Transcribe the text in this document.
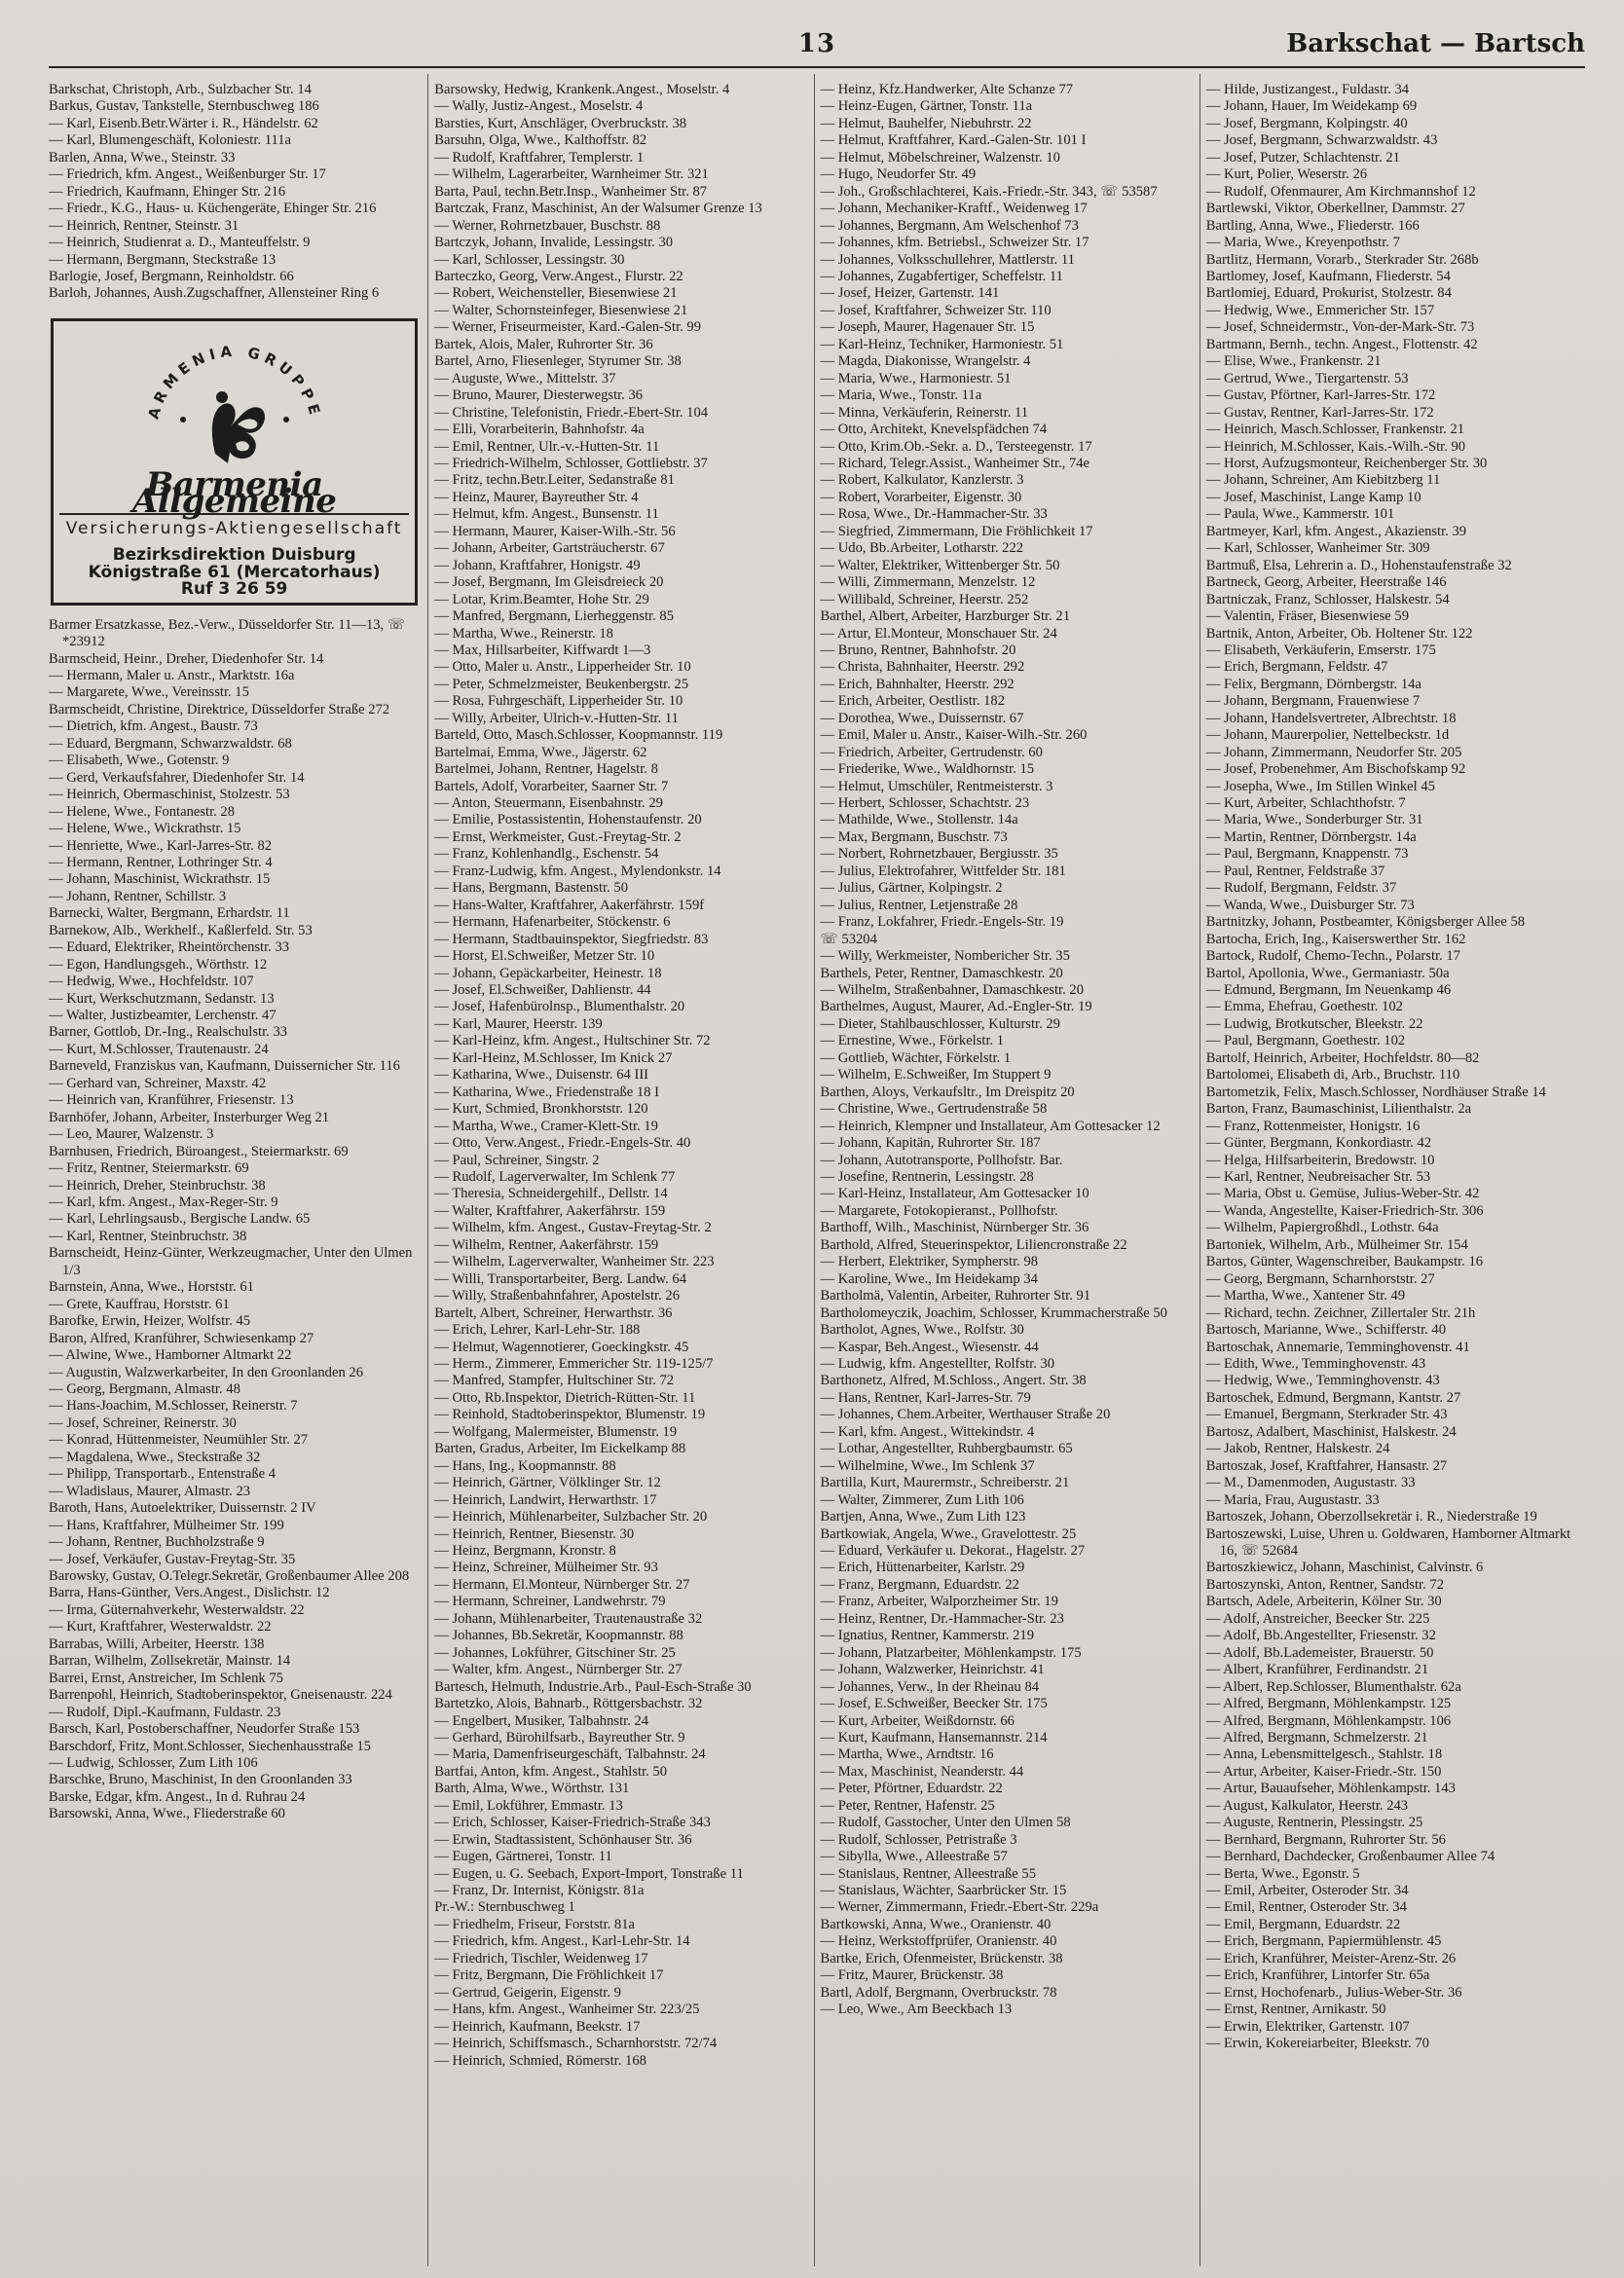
13	Barkschat — Bartsch
Barkschat, Christoph, Arb., Sulzbacher Str. 14
Barkus, Gustav, Tankstelle, Sternbuschweg 186
— Karl, Eisenb.Betr.Wärter i. R., Händelstr. 62
— Karl, Blumengeschäft, Koloniestr. 111a
Barlen, Anna, Wwe., Steinstr. 33
— Friedrich, kfm. Angest., Weißenburger Str. 17
— Friedrich, Kaufmann, Ehinger Str. 216
— Friedr., K.G., Haus- u. Küchengeräte, Ehinger Str. 216
— Heinrich, Rentner, Steinstr. 31
— Heinrich, Studienrat a. D., Manteuffelstr. 9
— Hermann, Bergmann, Steckstraße 13
Barlogie, Josef, Bergmann, Reinholdstr. 66
Barloh, Johannes, Aush.Zugschaffner, Allensteiner Ring 6
ARMENIA GRUPPE
Barmenia Allgemeine
Versicherungs-Aktiengesellschaft
Bezirksdirektion Duisburg
Königstraße 61 (Mercatorhaus)
Ruf 3 26 59
Barmer Ersatzkasse, Bez.-Verw., Düsseldorfer Str. 11—13, ☏ *23912
Barmscheid, Heinr., Dreher, Diedenhofer Str. 14
— Hermann, Maler u. Anstr., Marktstr. 16a
— Margarete, Wwe., Vereinsstr. 15
Barmscheidt, Christine, Direktrice, Düsseldorfer Straße 272
— Dietrich, kfm. Angest., Baustr. 73
— Eduard, Bergmann, Schwarzwaldstr. 68
— Elisabeth, Wwe., Gotenstr. 9
— Gerd, Verkaufsfahrer, Diedenhofer Str. 14
— Heinrich, Obermaschinist, Stolzestr. 53
— Helene, Wwe., Fontanestr. 28
— Helene, Wwe., Wickrathstr. 15
— Henriette, Wwe., Karl-Jarres-Str. 82
— Hermann, Rentner, Lothringer Str. 4
— Johann, Maschinist, Wickrathstr. 15
— Johann, Rentner, Schillstr. 3
Barnecki, Walter, Bergmann, Erhardstr. 11
Barnekow, Alb., Werkhelf., Kaßlerfeld. Str. 53
— Eduard, Elektriker, Rheintörchenstr. 33
— Egon, Handlungsgeh., Wörthstr. 12
— Hedwig, Wwe., Hochfeldstr. 107
— Kurt, Werkschutzmann, Sedanstr. 13
— Walter, Justizbeamter, Lerchenstr. 47
Barner, Gottlob, Dr.-Ing., Realschulstr. 33
— Kurt, M.Schlosser, Trautenaustr. 24
Barneveld, Franziskus van, Kaufmann, Duissernicher Str. 116
— Gerhard van, Schreiner, Maxstr. 42
— Heinrich van, Kranführer, Friesenstr. 13
Barnhöfer, Johann, Arbeiter, Insterburger Weg 21
— Leo, Maurer, Walzenstr. 3
Barnhusen, Friedrich, Büroangest., Steiermarkstr. 69
— Fritz, Rentner, Steiermarkstr. 69
— Heinrich, Dreher, Steinbruchstr. 38
— Karl, kfm. Angest., Max-Reger-Str. 9
— Karl, Lehrlingsausb., Bergische Landw. 65
— Karl, Rentner, Steinbruchstr. 38
Barnscheidt, Heinz-Günter, Werkzeugmacher, Unter den Ulmen 1/3
Barnstein, Anna, Wwe., Horststr. 61
— Grete, Kauffrau, Horststr. 61
Barofke, Erwin, Heizer, Wolfstr. 45
Baron, Alfred, Kranführer, Schwiesenkamp 27
— Alwine, Wwe., Hamborner Altmarkt 22
— Augustin, Walzwerkarbeiter, In den Groonlanden 26
— Georg, Bergmann, Almastr. 48
— Hans-Joachim, M.Schlosser, Reinerstr. 7
— Josef, Schreiner, Reinerstr. 30
— Konrad, Hüttenmeister, Neumühler Str. 27
— Magdalena, Wwe., Steckstraße 32
— Philipp, Transportarb., Entenstraße 4
— Wladislaus, Maurer, Almastr. 23
Baroth, Hans, Autoelektriker, Duissernstr. 2 IV
— Hans, Kraftfahrer, Mülheimer Str. 199
— Johann, Rentner, Buchholzstraße 9
— Josef, Verkäufer, Gustav-Freytag-Str. 35
Barowsky, Gustav, O.Telegr.Sekretär, Großenbaumer Allee 208
Barra, Hans-Günther, Vers.Angest., Dislichstr. 12
— Irma, Güternahverkehr, Westerwaldstr. 22
— Kurt, Kraftfahrer, Westerwaldstr. 22
Barrabas, Willi, Arbeiter, Heerstr. 138
Barran, Wilhelm, Zollsekretär, Mainstr. 14
Barrei, Ernst, Anstreicher, Im Schlenk 75
Barrenpohl, Heinrich, Stadtoberinspektor, Gneisenaustr. 224
— Rudolf, Dipl.-Kaufmann, Fuldastr. 23
Barsch, Karl, Postoberschaffner, Neudorfer Straße 153
Barschdorf, Fritz, Mont.Schlosser, Siechenhausstraße 15
— Ludwig, Schlosser, Zum Lith 106
Barschke, Bruno, Maschinist, In den Groonlanden 33
Barske, Edgar, kfm. Angest., In d. Ruhrau 24
Barsowski, Anna, Wwe., Fliederstraße 60
Barsowsky, Hedwig, Krankenk.Angest., Moselstr. 4
— Wally, Justiz-Angest., Moselstr. 4
Barsties, Kurt, Anschläger, Overbruckstr. 38
Barsuhn, Olga, Wwe., Kalthoffstr. 82
— Rudolf, Kraftfahrer, Templerstr. 1
— Wilhelm, Lagerarbeiter, Warnheimer Str. 321
Barta, Paul, techn.Betr.Insp., Wanheimer Str. 87
Bartczak, Franz, Maschinist, An der Walsumer Grenze 13
— Werner, Rohrnetzbauer, Buschstr. 88
Bartczyk, Johann, Invalide, Lessingstr. 30
— Karl, Schlosser, Lessingstr. 30
Barteczko, Georg, Verw.Angest., Flurstr. 22
— Robert, Weichensteller, Biesenwiese 21
— Walter, Schornsteinfeger, Biesenwiese 21
— Werner, Friseurmeister, Kard.-Galen-Str. 99
Bartek, Alois, Maler, Ruhrorter Str. 36
Bartel, Arno, Fliesenleger, Styrumer Str. 38
— Auguste, Wwe., Mittelstr. 37
— Bruno, Maurer, Diesterwegstr. 36
— Christine, Telefonistin, Friedr.-Ebert-Str. 104
— Elli, Vorarbeiterin, Bahnhofstr. 4a
— Emil, Rentner, Ulr.-v.-Hutten-Str. 11
— Friedrich-Wilhelm, Schlosser, Gottliebstr. 37
— Fritz, techn.Betr.Leiter, Sedanstraße 81
— Heinz, Maurer, Bayreuther Str. 4
— Helmut, kfm. Angest., Bunsenstr. 11
— Hermann, Maurer, Kaiser-Wilh.-Str. 56
— Johann, Arbeiter, Gartsträucherstr. 67
— Johann, Kraftfahrer, Honigstr. 49
— Josef, Bergmann, Im Gleisdreieck 20
— Lotar, Krim.Beamter, Hohe Str. 29
— Manfred, Bergmann, Lierheggenstr. 85
— Martha, Wwe., Reinerstr. 18
— Max, Hillsarbeiter, Kiffwardt 1—3
— Otto, Maler u. Anstr., Lipperheider Str. 10
— Peter, Schmelzmeister, Beukenbergstr. 25
— Rosa, Fuhrgeschäft, Lipperheider Str. 10
— Willy, Arbeiter, Ulrich-v.-Hutten-Str. 11
Barteld, Otto, Masch.Schlosser, Koopmannstr. 119
Bartelmai, Emma, Wwe., Jägerstr. 62
Bartelmei, Johann, Rentner, Hagelstr. 8
Bartels, Adolf, Vorarbeiter, Saarner Str. 7
— Anton, Steuermann, Eisenbahnstr. 29
— Emilie, Postassistentin, Hohenstaufenstr. 20
— Ernst, Werkmeister, Gust.-Freytag-Str. 2
— Franz, Kohlenhandlg., Eschenstr. 54
— Franz-Ludwig, kfm. Angest., Mylendonkstr. 14
— Hans, Bergmann, Bastenstr. 50
— Hans-Walter, Kraftfahrer, Aakerfährstr. 159f
— Hermann, Hafenarbeiter, Stöckenstr. 6
— Hermann, Stadtbauinspektor, Siegfriedstr. 83
— Horst, El.Schweißer, Metzer Str. 10
— Johann, Gepäckarbeiter, Heinestr. 18
— Josef, El.Schweißer, Dahlienstr. 44
— Josef, Hafenbürolnsp., Blumenthalstr. 20
— Karl, Maurer, Heerstr. 139
— Karl-Heinz, kfm. Angest., Hultschiner Str. 72
— Karl-Heinz, M.Schlosser, Im Knick 27
— Katharina, Wwe., Duisenstr. 64 III
— Katharina, Wwe., Friedenstraße 18 I
— Kurt, Schmied, Bronkhorststr. 120
— Martha, Wwe., Cramer-Klett-Str. 19
— Otto, Verw.Angest., Friedr.-Engels-Str. 40
— Paul, Schreiner, Singstr. 2
— Rudolf, Lagerverwalter, Im Schlenk 77
— Theresia, Schneidergehilf., Dellstr. 14
— Walter, Kraftfahrer, Aakerfährstr. 159
— Wilhelm, kfm. Angest., Gustav-Freytag-Str. 2
— Wilhelm, Rentner, Aakerfährstr. 159
— Wilhelm, Lagerverwalter, Wanheimer Str. 223
— Willi, Transportarbeiter, Berg. Landw. 64
— Willy, Straßenbahnfahrer, Apostelstr. 26
Bartelt, Albert, Schreiner, Herwarthstr. 36
— Erich, Lehrer, Karl-Lehr-Str. 188
— Helmut, Wagennotierer, Goeckingkstr. 45
— Herm., Zimmerer, Emmericher Str. 119-125/7
— Manfred, Stampfer, Hultschiner Str. 72
— Otto, Rb.Inspektor, Dietrich-Rütten-Str. 11
— Reinhold, Stadtoberinspektor, Blumenstr. 19
— Wolfgang, Malermeister, Blumenstr. 19
Barten, Gradus, Arbeiter, Im Eickelkamp 88
— Hans, Ing., Koopmannstr. 88
— Heinrich, Gärtner, Völklinger Str. 12
— Heinrich, Landwirt, Herwarthstr. 17
— Heinrich, Mühlenarbeiter, Sulzbacher Str. 20
— Heinrich, Rentner, Biesenstr. 30
— Heinz, Bergmann, Kronstr. 8
— Heinz, Schreiner, Mülheimer Str. 93
— Hermann, El.Monteur, Nürnberger Str. 27
— Hermann, Schreiner, Landwehrstr. 79
— Johann, Mühlenarbeiter, Trautenaustraße 32
— Johannes, Bb.Sekretär, Koopmannstr. 88
— Johannes, Lokführer, Gitschiner Str. 25
— Walter, kfm. Angest., Nürnberger Str. 27
Bartesch, Helmuth, Industrie.Arb., Paul-Esch-Straße 30
Bartetzko, Alois, Bahnarb., Röttgersbachstr. 32
— Engelbert, Musiker, Talbahnstr. 24
— Gerhard, Bürohilfsarb., Bayreuther Str. 9
— Maria, Damenfriseurgeschäft, Talbahnstr. 24
Bartfai, Anton, kfm. Angest., Stahlstr. 50
Barth, Alma, Wwe., Wörthstr. 131
— Emil, Lokführer, Emmastr. 13
— Erich, Schlosser, Kaiser-Friedrich-Straße 343
— Erwin, Stadtassistent, Schönhauser Str. 36
— Eugen, Gärtnerei, Tonstr. 11
— Eugen, u. G. Seebach, Export-Import, Tonstraße 11
— Franz, Dr. Internist, Königstr. 81a
Pr.-W.: Sternbuschweg 1
— Friedhelm, Friseur, Forststr. 81a
— Friedrich, kfm. Angest., Karl-Lehr-Str. 14
— Friedrich, Tischler, Weidenweg 17
— Fritz, Bergmann, Die Fröhlichkeit 17
— Gertrud, Geigerin, Eigenstr. 9
— Hans, kfm. Angest., Wanheimer Str. 223/25
— Heinrich, Kaufmann, Beekstr. 17
— Heinrich, Schiffsmasch., Scharnhorststr. 72/74
— Heinrich, Schmied, Römerstr. 168
— Heinz, Kfz.Handwerker, Alte Schanze 77
— Heinz-Eugen, Gärtner, Tonstr. 11a
— Helmut, Bauhelfer, Niebuhrstr. 22
— Helmut, Kraftfahrer, Kard.-Galen-Str. 101 I
— Helmut, Möbelschreiner, Walzenstr. 10
— Hugo, Neudorfer Str. 49
— Joh., Großschlachterei, Kais.-Friedr.-Str. 343, ☏ 53587
— Johann, Mechaniker-Kraftf., Weidenweg 17
— Johannes, Bergmann, Am Welschenhof 73
— Johannes, kfm. Betriebsl., Schweizer Str. 17
— Johannes, Volksschullehrer, Mattlerstr. 11
— Johannes, Zugabfertiger, Scheffelstr. 11
— Josef, Heizer, Gartenstr. 141
— Josef, Kraftfahrer, Schweizer Str. 110
— Joseph, Maurer, Hagenauer Str. 15
— Karl-Heinz, Techniker, Harmoniestr. 51
— Magda, Diakonisse, Wrangelstr. 4
— Maria, Wwe., Harmoniestr. 51
— Maria, Wwe., Tonstr. 11a
— Minna, Verkäuferin, Reinerstr. 11
— Otto, Architekt, Knevelspfädchen 74
— Otto, Krim.Ob.-Sekr. a. D., Tersteegenstr. 17
— Richard, Telegr.Assist., Wanheimer Str., 74e
— Robert, Kalkulator, Kanzlerstr. 3
— Robert, Vorarbeiter, Eigenstr. 30
— Rosa, Wwe., Dr.-Hammacher-Str. 33
— Siegfried, Zimmermann, Die Fröhlichkeit 17
— Udo, Bb.Arbeiter, Lotharstr. 222
— Walter, Elektriker, Wittenberger Str. 50
— Willi, Zimmermann, Menzelstr. 12
— Willibald, Schreiner, Heerstr. 252
Barthel, Albert, Arbeiter, Harzburger Str. 21
— Artur, El.Monteur, Monschauer Str. 24
— Bruno, Rentner, Bahnhofstr. 20
— Christa, Bahnhaiter, Heerstr. 292
— Erich, Bahnhalter, Heerstr. 292
— Erich, Arbeiter, Oestlistr. 182
— Dorothea, Wwe., Duissernstr. 67
— Emil, Maler u. Anstr., Kaiser-Wilh.-Str. 260
— Friedrich, Arbeiter, Gertrudenstr. 60
— Friederike, Wwe., Waldhornstr. 15
— Helmut, Umschüler, Rentmeisterstr. 3
— Herbert, Schlosser, Schachtstr. 23
— Mathilde, Wwe., Stollenstr. 14a
— Max, Bergmann, Buschstr. 73
— Norbert, Rohrnetzbauer, Bergiusstr. 35
— Julius, Elektrofahrer, Wittfelder Str. 181
— Julius, Gärtner, Kolpingstr. 2
— Julius, Rentner, Letjenstraße 28
— Franz, Lokfahrer, Friedr.-Engels-Str. 19
☏ 53204
— Willy, Werkmeister, Nombericher Str. 35
Barthels, Peter, Rentner, Damaschkestr. 20
— Wilhelm, Straßenbahner, Damaschkestr. 20
Barthelmes, August, Maurer, Ad.-Engler-Str. 19
— Dieter, Stahlbauschlosser, Kulturstr. 29
— Ernestine, Wwe., Förkelstr. 1
— Gottlieb, Wächter, Förkelstr. 1
— Wilhelm, E.Schweißer, Im Stuppert 9
Barthen, Aloys, Verkaufsltr., Im Dreispitz 20
— Christine, Wwe., Gertrudenstraße 58
— Heinrich, Klempner und Installateur, Am Gottesacker 12
— Johann, Kapitän, Ruhrorter Str. 187
— Johann, Autotransporte, Pollhofstr. Bar.
— Josefine, Rentnerin, Lessingstr. 28
— Karl-Heinz, Installateur, Am Gottesacker 10
— Margarete, Fotokopieranst., Pollhofstr.
Barthoff, Wilh., Maschinist, Nürnberger Str. 36
Barthold, Alfred, Steuerinspektor, Liliencronstraße 22
— Herbert, Elektriker, Sympherstr. 98
— Karoline, Wwe., Im Heidekamp 34
Bartholmä, Valentin, Arbeiter, Ruhrorter Str. 91
Bartholomeyczik, Joachim, Schlosser, Krummacherstraße 50
Bartholot, Agnes, Wwe., Rolfstr. 30
— Kaspar, Beh.Angest., Wiesenstr. 44
— Ludwig, kfm. Angestellter, Rolfstr. 30
Barthonetz, Alfred, M.Schloss., Angert. Str. 38
— Hans, Rentner, Karl-Jarres-Str. 79
— Johannes, Chem.Arbeiter, Werthauser Straße 20
— Karl, kfm. Angest., Wittekindstr. 4
— Lothar, Angestellter, Ruhbergbaumstr. 65
— Wilhelmine, Wwe., Im Schlenk 37
Bartilla, Kurt, Maurermstr., Schreiberstr. 21
— Walter, Zimmerer, Zum Lith 106
Bartjen, Anna, Wwe., Zum Lith 123
Bartkowiak, Angela, Wwe., Gravelottestr. 25
— Eduard, Verkäufer u. Dekorat., Hagelstr. 27
— Erich, Hüttenarbeiter, Karlstr. 29
— Franz, Bergmann, Eduardstr. 22
— Franz, Arbeiter, Walporzheimer Str. 19
— Heinz, Rentner, Dr.-Hammacher-Str. 23
— Ignatius, Rentner, Kammerstr. 219
— Johann, Platzarbeiter, Möhlenkampstr. 175
— Johann, Walzwerker, Heinrichstr. 41
— Johannes, Verw., In der Rheinau 84
— Josef, E.Schweißer, Beecker Str. 175
— Kurt, Arbeiter, Weißdornstr. 66
— Kurt, Kaufmann, Hansemannstr. 214
— Martha, Wwe., Arndtstr. 16
— Max, Maschinist, Neanderstr. 44
— Peter, Pförtner, Eduardstr. 22
— Peter, Rentner, Hafenstr. 25
— Rudolf, Gasstocher, Unter den Ulmen 58
— Rudolf, Schlosser, Petristraße 3
— Sibylla, Wwe., Alleestraße 57
— Stanislaus, Rentner, Alleestraße 55
— Stanislaus, Wächter, Saarbrücker Str. 15
— Werner, Zimmermann, Friedr.-Ebert-Str. 229a
Bartkowski, Anna, Wwe., Oranienstr. 40
— Heinz, Werkstoffprüfer, Oranienstr. 40
Bartke, Erich, Ofenmeister, Brückenstr. 38
— Fritz, Maurer, Brückenstr. 38
Bartl, Adolf, Bergmann, Overbruckstr. 78
— Leo, Wwe., Am Beeckbach 13
— Hilde, Justizangest., Fuldastr. 34
— Johann, Hauer, Im Weidekamp 69
— Josef, Bergmann, Kolpingstr. 40
— Josef, Bergmann, Schwarzwaldstr. 43
— Josef, Putzer, Schlachtenstr. 21
— Kurt, Polier, Weserstr. 26
— Rudolf, Ofenmaurer, Am Kirchmannshof 12
Bartlewski, Viktor, Oberkellner, Dammstr. 27
Bartling, Anna, Wwe., Fliederstr. 166
— Maria, Wwe., Kreyenpothstr. 7
Bartlitz, Hermann, Vorarb., Sterkrader Str. 268b
Bartlomey, Josef, Kaufmann, Fliederstr. 54
Bartlomiej, Eduard, Prokurist, Stolzestr. 84
— Hedwig, Wwe., Emmericher Str. 157
— Josef, Schneidermstr., Von-der-Mark-Str. 73
Bartmann, Bernh., techn. Angest., Flottenstr. 42
— Elise, Wwe., Frankenstr. 21
— Gertrud, Wwe., Tiergartenstr. 53
— Gustav, Pförtner, Karl-Jarres-Str. 172
— Gustav, Rentner, Karl-Jarres-Str. 172
— Heinrich, Masch.Schlosser, Frankenstr. 21
— Heinrich, M.Schlosser, Kais.-Wilh.-Str. 90
— Horst, Aufzugsmonteur, Reichenberger Str. 30
— Johann, Schreiner, Am Kiebitzberg 11
— Josef, Maschinist, Lange Kamp 10
— Paula, Wwe., Kammerstr. 101
Bartmeyer, Karl, kfm. Angest., Akazienstr. 39
— Karl, Schlosser, Wanheimer Str. 309
Bartmuß, Elsa, Lehrerin a. D., Hohenstaufenstraße 32
Bartneck, Georg, Arbeiter, Heerstraße 146
Bartniczak, Franz, Schlosser, Halskestr. 54
— Valentin, Fräser, Biesenwiese 59
Bartnik, Anton, Arbeiter, Ob. Holtener Str. 122
— Elisabeth, Verkäuferin, Emserstr. 175
— Erich, Bergmann, Feldstr. 47
— Felix, Bergmann, Dörnbergstr. 14a
— Johann, Bergmann, Frauenwiese 7
— Johann, Handelsvertreter, Albrechtstr. 18
— Johann, Maurerpolier, Nettelbeckstr. 1d
— Johann, Zimmermann, Neudorfer Str. 205
— Josef, Probenehmer, Am Bischofskamp 92
— Josepha, Wwe., Im Stillen Winkel 45
— Kurt, Arbeiter, Schlachthofstr. 7
— Maria, Wwe., Sonderburger Str. 31
— Martin, Rentner, Dörnbergstr. 14a
— Paul, Bergmann, Knappenstr. 73
— Paul, Rentner, Feldstraße 37
— Rudolf, Bergmann, Feldstr. 37
— Wanda, Wwe., Duisburger Str. 73
Bartnitzky, Johann, Postbeamter, Königsberger Allee 58
Bartocha, Erich, Ing., Kaiserswerther Str. 162
Bartock, Rudolf, Chemo-Techn., Polarstr. 17
Bartol, Apollonia, Wwe., Germaniastr. 50a
— Edmund, Bergmann, Im Neuenkamp 46
— Emma, Ehefrau, Goethestr. 102
— Ludwig, Brotkutscher, Bleekstr. 22
— Paul, Bergmann, Goethestr. 102
Bartolf, Heinrich, Arbeiter, Hochfeldstr. 80—82
Bartolomei, Elisabeth di, Arb., Bruchstr. 110
Bartometzik, Felix, Masch.Schlosser, Nordhäuser Straße 14
Barton, Franz, Baumaschinist, Lilienthalstr. 2a
— Franz, Rottenmeister, Honigstr. 16
— Günter, Bergmann, Konkordiastr. 42
— Helga, Hilfsarbeiterin, Bredowstr. 10
— Karl, Rentner, Neubreisacher Str. 53
— Maria, Obst u. Gemüse, Julius-Weber-Str. 42
— Wanda, Angestellte, Kaiser-Friedrich-Str. 306
— Wilhelm, Papiergroßhdl., Lothstr. 64a
Bartoniek, Wilhelm, Arb., Mülheimer Str. 154
Bartos, Günter, Wagenschreiber, Baukampstr. 16
— Georg, Bergmann, Scharnhorststr. 27
— Martha, Wwe., Xantener Str. 49
— Richard, techn. Zeichner, Zillertaler Str. 21h
Bartosch, Marianne, Wwe., Schifferstr. 40
Bartoschak, Annemarie, Temminghovenstr. 41
— Edith, Wwe., Temminghovenstr. 43
— Hedwig, Wwe., Temminghovenstr. 43
Bartoschek, Edmund, Bergmann, Kantstr. 27
— Emanuel, Bergmann, Sterkrader Str. 43
Bartosz, Adalbert, Maschinist, Halskestr. 24
— Jakob, Rentner, Halskestr. 24
Bartoszak, Josef, Kraftfahrer, Hansastr. 27
— M., Damenmoden, Augustastr. 33
— Maria, Frau, Augustastr. 33
Bartoszek, Johann, Oberzollsekretär i. R., Niederstraße 19
Bartoszewski, Luise, Uhren u. Goldwaren, Hamborner Altmarkt 16, ☏ 52684
Bartoszkiewicz, Johann, Maschinist, Calvinstr. 6
Bartoszynski, Anton, Rentner, Sandstr. 72
Bartsch, Adele, Arbeiterin, Kölner Str. 30
— Adolf, Anstreicher, Beecker Str. 225
— Adolf, Bb.Angestellter, Friesenstr. 32
— Adolf, Bb.Lademeister, Brauerstr. 50
— Albert, Kranführer, Ferdinandstr. 21
— Albert, Rep.Schlosser, Blumenthalstr. 62a
— Alfred, Bergmann, Möhlenkampstr. 125
— Alfred, Bergmann, Möhlenkampstr. 106
— Alfred, Bergmann, Schmelzerstr. 21
— Anna, Lebensmittelgesch., Stahlstr. 18
— Artur, Arbeiter, Kaiser-Friedr.-Str. 150
— Artur, Bauaufseher, Möhlenkampstr. 143
— August, Kalkulator, Heerstr. 243
— Auguste, Rentnerin, Plessingstr. 25
— Bernhard, Bergmann, Ruhrorter Str. 56
— Bernhard, Dachdecker, Großenbaumer Allee 74
— Berta, Wwe., Egonstr. 5
— Emil, Arbeiter, Osteroder Str. 34
— Emil, Rentner, Osteroder Str. 34
— Emil, Bergmann, Eduardstr. 22
— Erich, Bergmann, Papiermühlenstr. 45
— Erich, Kranführer, Meister-Arenz-Str. 26
— Erich, Kranführer, Lintorfer Str. 65a
— Ernst, Hochofenarb., Julius-Weber-Str. 36
— Ernst, Rentner, Arnikastr. 50
— Erwin, Elektriker, Gartenstr. 107
— Erwin, Kokereiarbeiter, Bleekstr. 70
